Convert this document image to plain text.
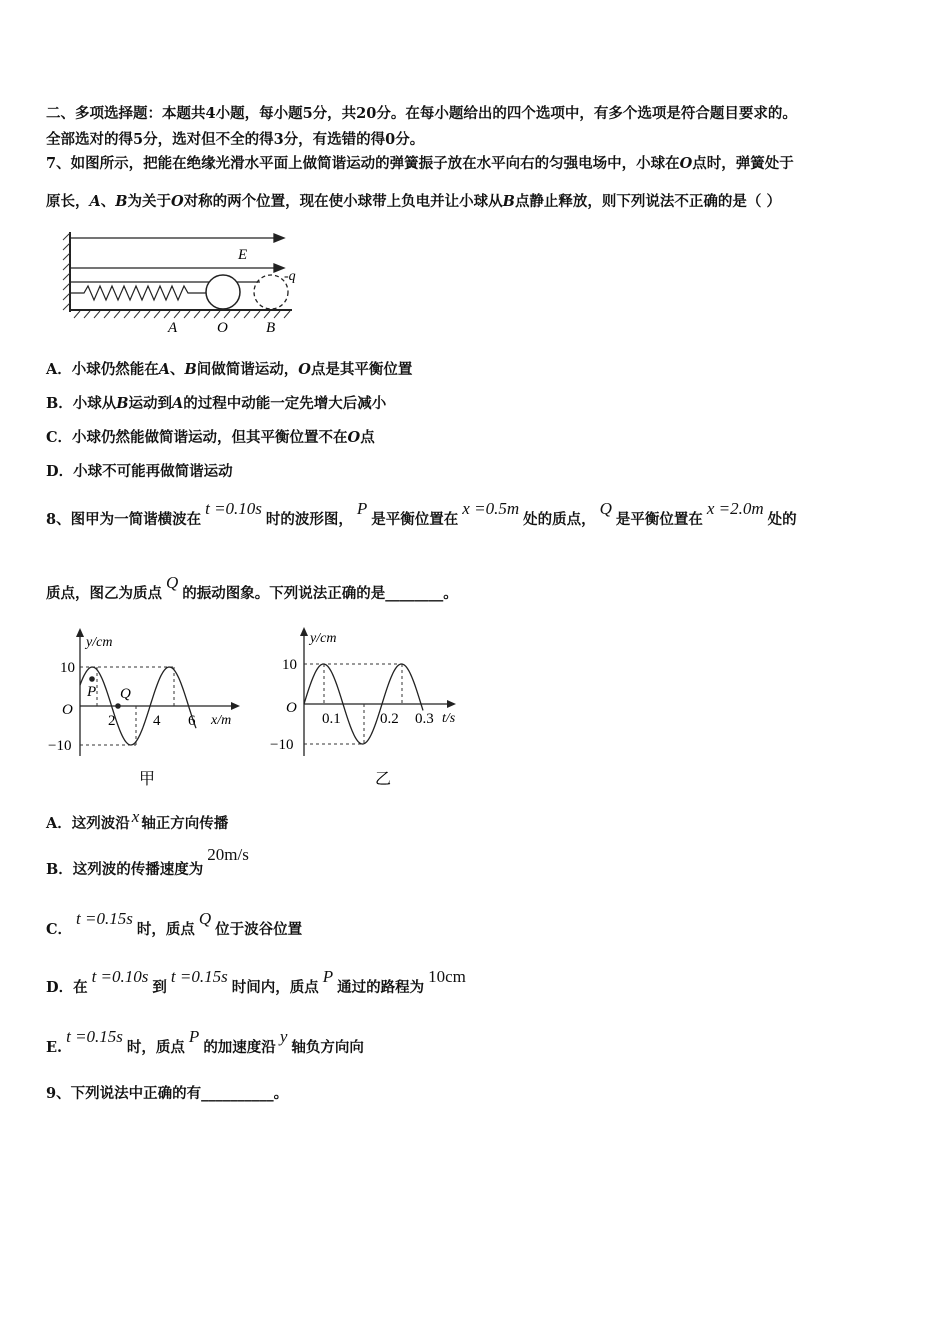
二、多项选择题：本题共4小题，每小题5分，共20分。在每小题给出的四个选项中，有多个选项是符合题目要求的。
全部选对的得5分，选对但不全的得3分，有选错的得0分。
7、如图所示，把能在绝缘光滑水平面上做简谐运动的弹簧振子放在水平向右的匀强电场中，小球在O点时，弹簧处于
原长，A、B为关于O对称的两个位置，现在使小球带上负电并让小球从B点静止释放，则下列说法不正确的是（ ）
E
-q
A	O	B
A．小球仍然能在A、B间做简谐运动，O点是其平衡位置
B．小球从B运动到A的过程中动能一定先增大后减小
C．小球仍然能做简谐运动，但其平衡位置不在O点
D．小球不可能再做简谐运动
8、图甲为一简谐横波在t =0.10s时的波形图，P是平衡位置在x =0.5m处的质点，Q是平衡位置在x =2.0m处的
质点，图乙为质点Q的振动图象。下列说法正确的是________。
y/cm
x/m
O
10
−10
P Q
2	4 6
甲
y/cm
t/s
O
10
−10
0.1	0.2 0.3
乙
A．这列波沿 x 轴正方向传播
B．这列波的传播速度为20m/s
C．t =0.15s时，质点Q位于波谷位置
D．在t =0.10s到t =0.15s时间内，质点P通过的路程为10cm
E.t =0.15s时，质点P的加速度沿y轴负方向向
9、下列说法中正确的有__________。
